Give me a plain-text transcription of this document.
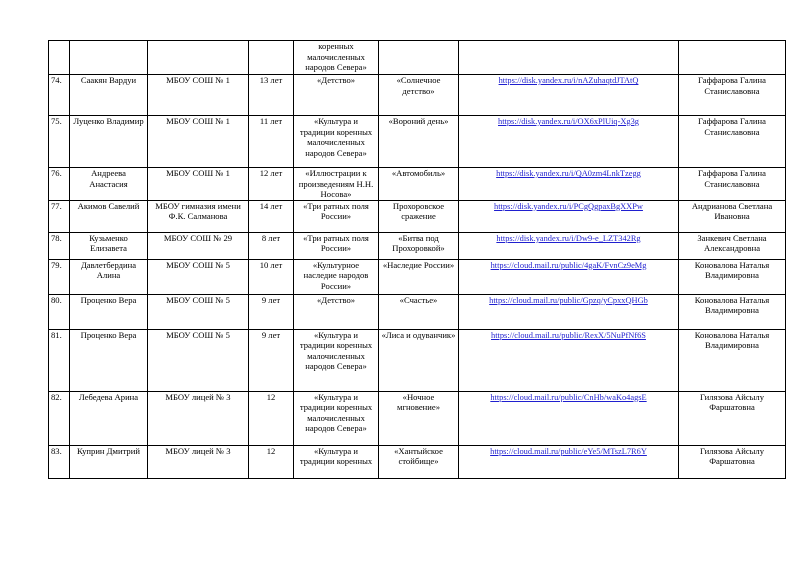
				коренных малочисленных народов Севера»			
74.	Саакян Вардуи	МБОУ СОШ № 1	13 лет	«Детство»	«Солнечное детство»	https://disk.yandex.ru/i/nAZuhaqtdJTAtQ	Гаффарова Галина Станиславовна
75.	Луценко Владимир	МБОУ СОШ № 1	11 лет	«Культура и традиции коренных малочисленных народов Севера»	«Вороний день»	https://disk.yandex.ru/i/OX6xPlUiq-Xg3g	Гаффарова Галина Станиславовна
76.	Андреева Анастасия	МБОУ СОШ № 1	12 лет	«Иллюстрации к произведениям Н.Н. Носова»	«Автомобиль»	https://disk.yandex.ru/i/QA0zm4LnkTzegg	Гаффарова Галина Станиславовна
77.	Акимов Савелий	МБОУ гимназия имени Ф.К. Салманова	14 лет	«Три ратных поля России»	Прохоровское сражение	https://disk.yandex.ru/i/PCgQgpaxBgXXPw	Андрианова Светлана Ивановна
78.	Кузьменко Елизавета	МБОУ СОШ № 29	8 лет	«Три ратных поля России»	«Битва под Прохоровкой»	https://disk.yandex.ru/i/Dw9-e_LZT342Rg	Занкевич Светлана Александровна
79.	Давлетбердина Алина	МБОУ СОШ № 5	10 лет	«Культурное наследие народов России»	«Наследие России»	https://cloud.mail.ru/public/4gaK/FvnCz9eMg	Коновалова Наталья Владимировна
80.	Проценко Вера	МБОУ СОШ № 5	9 лет	«Детство»	«Счастье»	https://cloud.mail.ru/public/Gpzq/yCpxxQHGb	Коновалова Наталья Владимировна
81.	Проценко Вера	МБОУ СОШ № 5	9 лет	«Культура и традиции коренных малочисленных народов Севера»	«Лиса и одуванчик»	https://cloud.mail.ru/public/RexX/5NuPfNf6S	Коновалова Наталья Владимировна
82.	Лебедева Арина	МБОУ лицей № 3	12	«Культура и традиции коренных малочисленных народов Севера»	«Ночное мгновение»	https://cloud.mail.ru/public/CnHb/waKo4agsE	Гилязова Айсылу Фаршатовна
83.	Куприн Дмитрий	МБОУ лицей № 3	12	«Культура и традиции коренных	«Хантыйское стойбище»	https://cloud.mail.ru/public/eYe5/MTszL7R6Y	Гилязова Айсылу Фаршатовна
